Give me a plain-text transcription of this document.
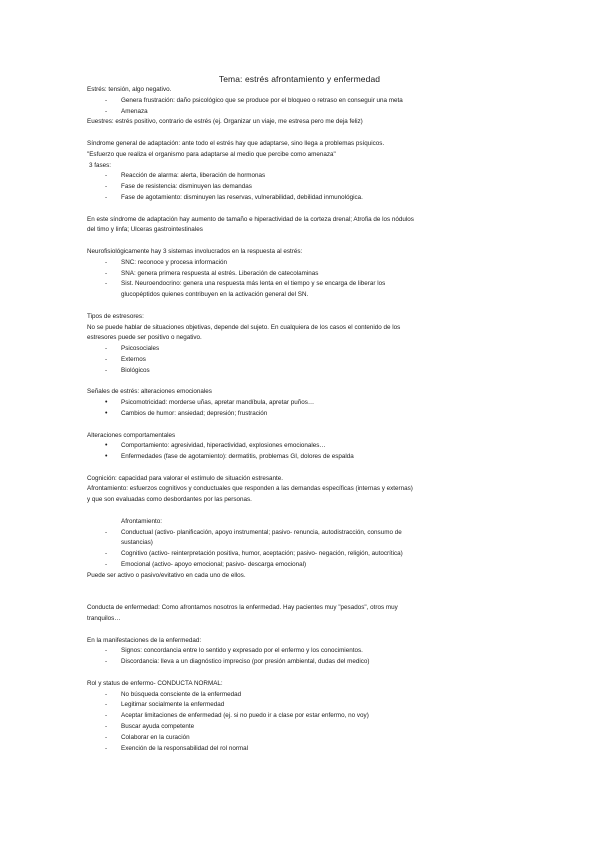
Tema: estrés afrontamiento y enfermedad

Estrés: tensión, algo negativo.

- Genera frustración: daño psicológico que se produce por el bloqueo o retraso en conseguir una meta

- Amenaza

Euestres: estrés positivo, contrario de estrés (ej. Organizar un viaje, me estresa pero me deja feliz)

Síndrome general de adaptación: ante todo el estrés hay que adaptarse, sino llega a problemas psíquicos.

"Esfuerzo que realiza el organismo para adaptarse al medio que percibe como amenaza"

3 fases:

- Reacción de alarma: alerta, liberación de hormonas

- Fase de resistencia: disminuyen las demandas

- Fase de agotamiento: disminuyen las reservas, vulnerabilidad, debilidad inmunológica.

En este síndrome de adaptación hay aumento de tamaño e hiperactividad de la corteza drenal; Atrofia de los nódulos

del timo y linfa; Ulceras gastrointestinales

Neurofisiológicamente hay 3 sistemas involucrados en la respuesta al estrés:

- SNC: reconoce y procesa información

- SNA: genera primera respuesta al estrés. Liberación de catecolaminas

- Sist. Neuroendocrino: genera una respuesta más lenta en el tiempo y se encarga de liberar los

glucopéptidos quienes contribuyen en la activación general del SN.

Tipos de estresores:

No se puede hablar de situaciones objetivas, depende del sujeto. En cualquiera de los casos el contenido de los

estresores puede ser positivo o negativo.

- Psicosociales

- Externos

- Biológicos

Señales de estrés: alteraciones emocionales

• Psicomotricidad: morderse uñas, apretar mandíbula, apretar puños…

• Cambios de humor: ansiedad; depresión; frustración

Alteraciones comportamentales

• Comportamiento: agresividad, hiperactividad, explosiones emocionales…

• Enfermedades (fase de agotamiento): dermatitis, problemas GI, dolores de espalda

Cognición: capacidad para valorar el estímulo de situación estresante.

Afrontamiento: esfuerzos cognitivos y conductuales que responden a las demandas específicas (internas y externas)

y que son evaluadas como desbordantes por las personas.

Afrontamiento:

- Conductual (activo- planificación, apoyo instrumental; pasivo- renuncia, autodistracción, consumo de

sustancias)

- Cognitivo (activo- reinterpretación positiva, humor, aceptación; pasivo- negación, religión, autocrítica)

- Emocional (activo- apoyo emocional; pasivo- descarga emocional)

Puede ser activo o pasivo/evitativo en cada uno de ellos.

Conducta de enfermedad: Como afrontamos nosotros la enfermedad. Hay pacientes muy "pesados", otros muy

tranquilos…

En la manifestaciones de la enfermedad:

- Signos: concordancia entre lo sentido y expresado por el enfermo y los conocimientos.

- Discordancia: lleva a un diagnóstico impreciso (por presión ambiental, dudas del medico)

Rol y status de enfermo- CONDUCTA NORMAL:

- No búsqueda consciente de la enfermedad

- Legitimar socialmente la enfermedad

- Aceptar limitaciones de enfermedad (ej. si no puedo ir a clase por estar enfermo, no voy)

- Buscar ayuda competente

- Colaborar en la curación

- Exención de la responsabilidad del rol normal
